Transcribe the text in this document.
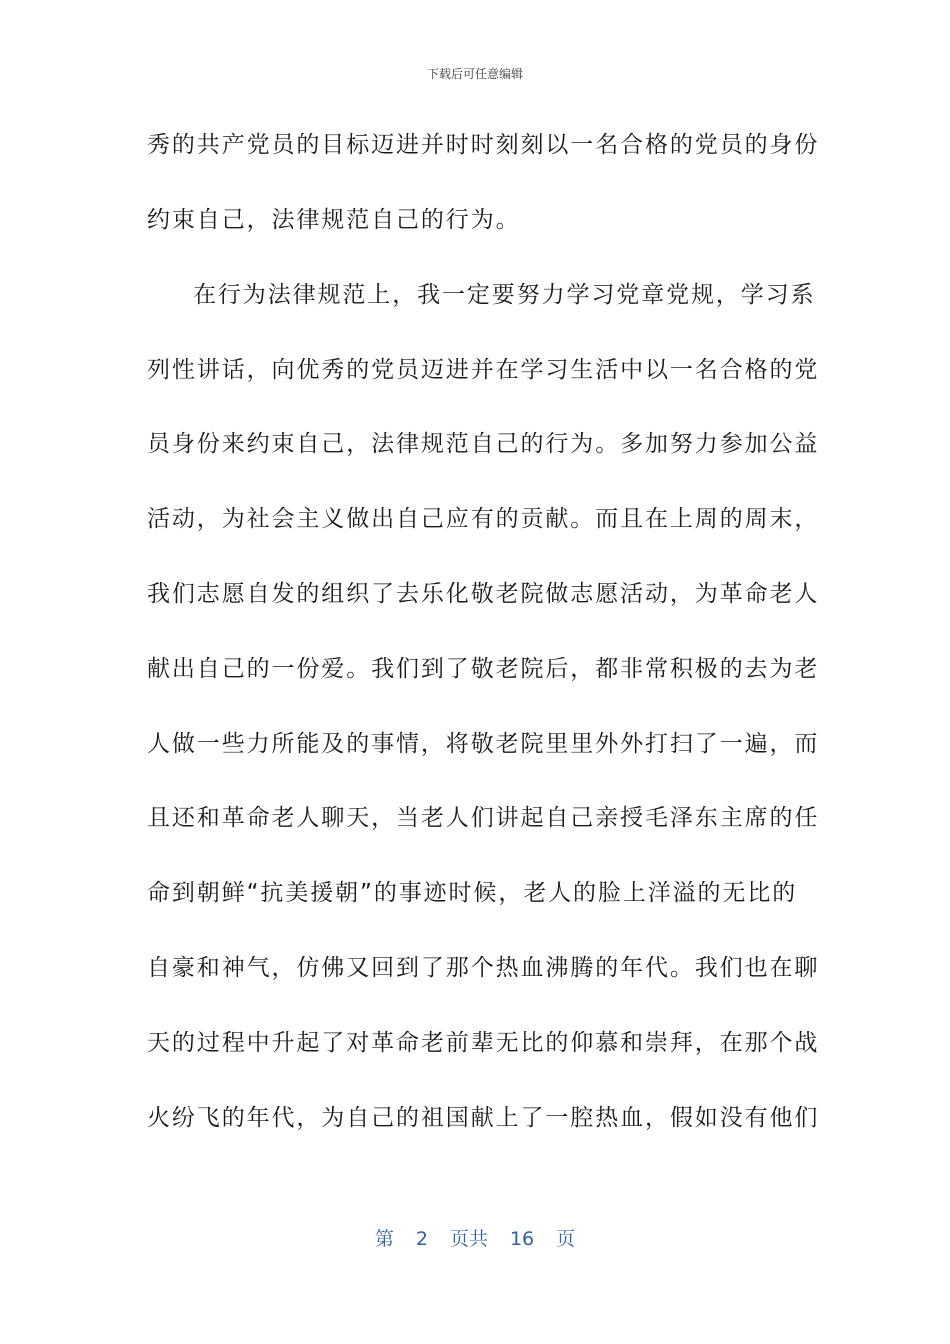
下载后可任意编辑
秀的共产党员的目标迈进并时时刻刻以一名合格的党员的身份
约束自己，法律规范自己的行为。
在行为法律规范上，我一定要努力学习党章党规，学习系
列性讲话，向优秀的党员迈进并在学习生活中以一名合格的党
员身份来约束自己，法律规范自己的行为。多加努力参加公益
活动，为社会主义做出自己应有的贡献。而且在上周的周末，
我们志愿自发的组织了去乐化敬老院做志愿活动，为革命老人
献出自己的一份爱。我们到了敬老院后，都非常积极的去为老
人做一些力所能及的事情，将敬老院里里外外打扫了一遍，而
且还和革命老人聊天，当老人们讲起自己亲授毛泽东主席的任
命到朝鲜“抗美援朝”的事迹时候，老人的脸上洋溢的无比的
自豪和神气，仿佛又回到了那个热血沸腾的年代。我们也在聊
天的过程中升起了对革命老前辈无比的仰慕和崇拜，在那个战
火纷飞的年代，为自己的祖国献上了一腔热血，假如没有他们
第 2 页共 16 页
